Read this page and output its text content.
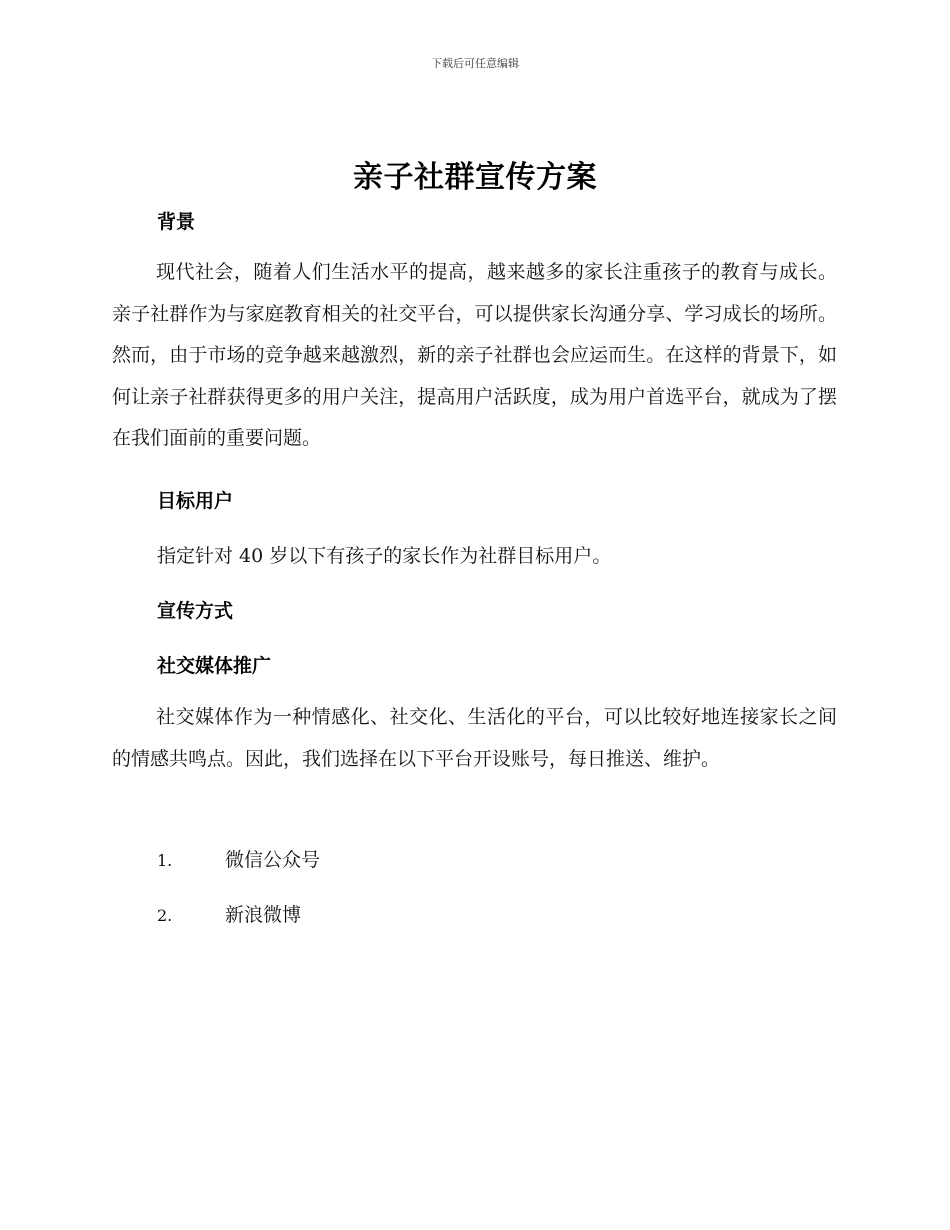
下载后可任意编辑
亲子社群宣传方案
背景
现代社会，随着人们生活水平的提高，越来越多的家长注重孩子的教育与成长。亲子社群作为与家庭教育相关的社交平台，可以提供家长沟通分享、学习成长的场所。然而，由于市场的竞争越来越激烈，新的亲子社群也会应运而生。在这样的背景下，如何让亲子社群获得更多的用户关注，提高用户活跃度，成为用户首选平台，就成为了摆在我们面前的重要问题。
目标用户
指定针对 40 岁以下有孩子的家长作为社群目标用户。
宣传方式
社交媒体推广
社交媒体作为一种情感化、社交化、生活化的平台，可以比较好地连接家长之间的情感共鸣点。因此，我们选择在以下平台开设账号，每日推送、维护。
1.	微信公众号
2.	新浪微博
